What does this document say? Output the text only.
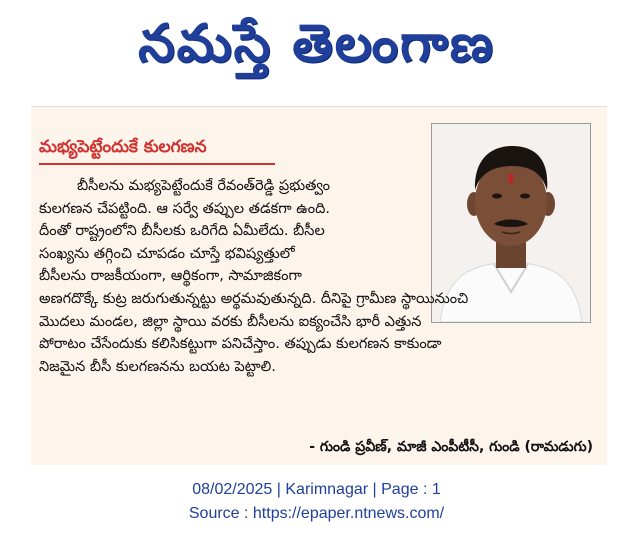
నమస్తే తెలంగాణ
మభ్యపెట్టేందుకే కులగణన
బీసీలను మభ్యపెట్టేందుకే రేవంత్‌రెడ్డి ప్రభుత్వం
కులగణన చేపట్టింది. ఆ సర్వే తప్పుల తడకగా ఉంది.
దీంతో రాష్ట్రంలోని బీసీలకు ఒరిగేది ఏమీలేదు. బీసీల
సంఖ్యను తగ్గించి చూపడం చూస్తే భవిష్యత్తులో
బీసీలను రాజకీయంగా, ఆర్థికంగా, సామాజికంగా
అణగదొక్కే కుట్ర జరుగుతున్నట్టు అర్థమవుతున్నది. దీనిపై గ్రామీణ స్థాయినుంచి
మొదలు మండల, జిల్లా స్థాయి వరకు బీసీలను ఐక్యంచేసి భారీ ఎత్తున
పోరాటం చేసేందుకు కలిసికట్టుగా పనిచేస్తాం. తప్పుడు కులగణన కాకుండా
నిజమైన బీసీ కులగణనను బయట పెట్టాలి.
- గుండి ప్రవీణ్, మాజీ ఎంపీటీసీ, గుండి (రామడుగు)
08/02/2025 | Karimnagar | Page : 1
Source : https://epaper.ntnews.com/
